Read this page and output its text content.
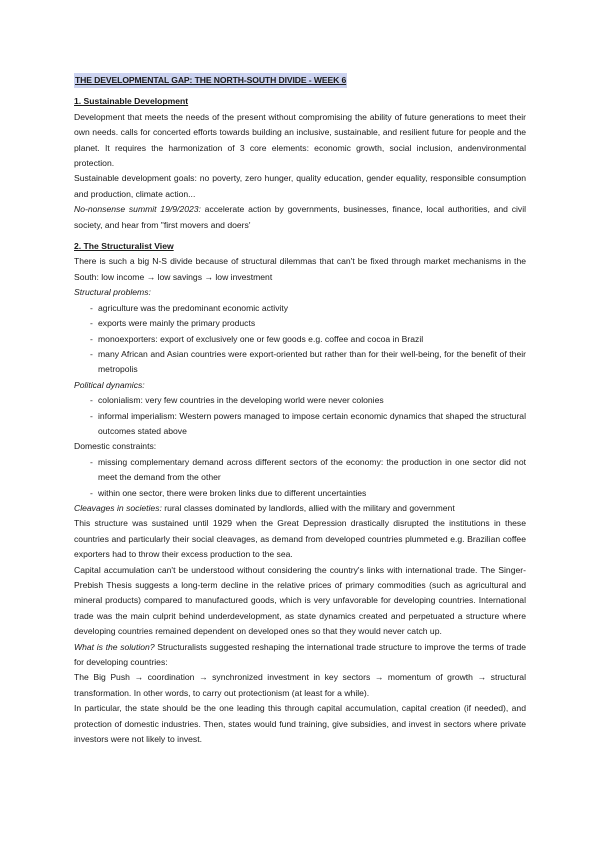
THE DEVELOPMENTAL GAP: THE NORTH-SOUTH DIVIDE - WEEK 6
1. Sustainable Development

Development that meets the needs of the present without compromising the ability of future generations to meet their own needs. calls for concerted efforts towards building an inclusive, sustainable, and resilient future for people and the planet. It requires the harmonization of 3 core elements: economic growth, social inclusion, andenvironmental protection.

Sustainable development goals: no poverty, zero hunger, quality education, gender equality, responsible consumption and production, climate action...

No-nonsense summit 19/9/2023: accelerate action by governments, businesses, finance, local authorities, and civil society, and hear from "first movers and doers'

2. The Structuralist View

There is such a big N-S divide because of structural dilemmas that can't be fixed through market mechanisms in the South: low income → low savings → low investment

Structural problems:
- agriculture was the predominant economic activity
- exports were mainly the primary products
- monoexporters: export of exclusively one or few goods e.g. coffee and cocoa in Brazil
- many African and Asian countries were export-oriented but rather than for their well-being, for the benefit of their metropolis
Political dynamics:
- colonialism: very few countries in the developing world were never colonies
- informal imperialism: Western powers managed to impose certain economic dynamics that shaped the structural outcomes stated above
Domestic constraints:
- missing complementary demand across different sectors of the economy: the production in one sector did not meet the demand from the other
- within one sector, there were broken links due to different uncertainties

Cleavages in societies: rural classes dominated by landlords, allied with the military and government

This structure was sustained until 1929 when the Great Depression drastically disrupted the institutions in these countries and particularly their social cleavages, as demand from developed countries plummeted e.g. Brazilian coffee exporters had to throw their excess production to the sea.

Capital accumulation can't be understood without considering the country's links with international trade. The Singer-Prebish Thesis suggests a long-term decline in the relative prices of primary commodities (such as agricultural and mineral products) compared to manufactured goods, which is very unfavorable for developing countries. International trade was the main culprit behind underdevelopment, as state dynamics created and perpetuated a structure where developing countries remained dependent on developed ones so that they would never catch up.

What is the solution? Structuralists suggested reshaping the international trade structure to improve the terms of trade for developing countries:

The Big Push → coordination → synchronized investment in key sectors → momentum of growth → structural transformation. In other words, to carry out protectionism (at least for a while).

In particular, the state should be the one leading this through capital accumulation, capital creation (if needed), and protection of domestic industries. Then, states would fund training, give subsidies, and invest in sectors where private investors were not likely to invest.
